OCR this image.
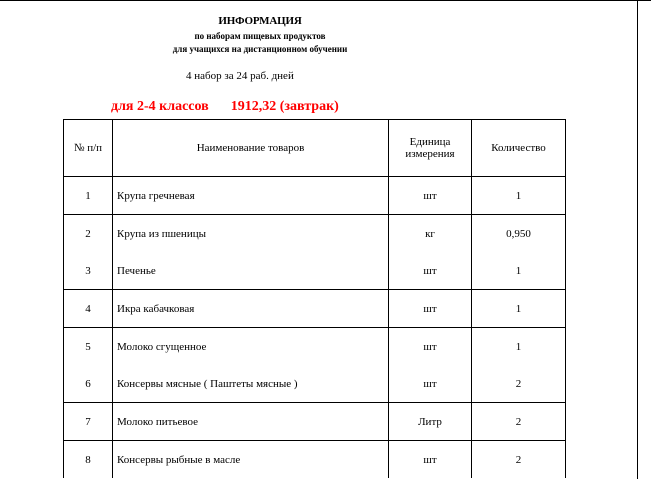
ИНФОРМАЦИЯ
по наборам пищевых продуктов
для учащихся на дистанционном обучении
4 набор за 24 раб. дней
для 2-4 классов 1912,32 (завтрак)
№ п/п	Наименование товаров	Единица измерения	Количество
1	Крупа гречневая	шт	1
2	Крупа из пшеницы	кг	0,950
3	Печенье	шт	1
4	Икра кабачковая	шт	1
5	Молоко сгущенное	шт	1
6	Консервы мясные ( Паштеты мясные )	шт	2
7	Молоко питьевое	Литр	2
8	Консервы рыбные в масле	шт	2
